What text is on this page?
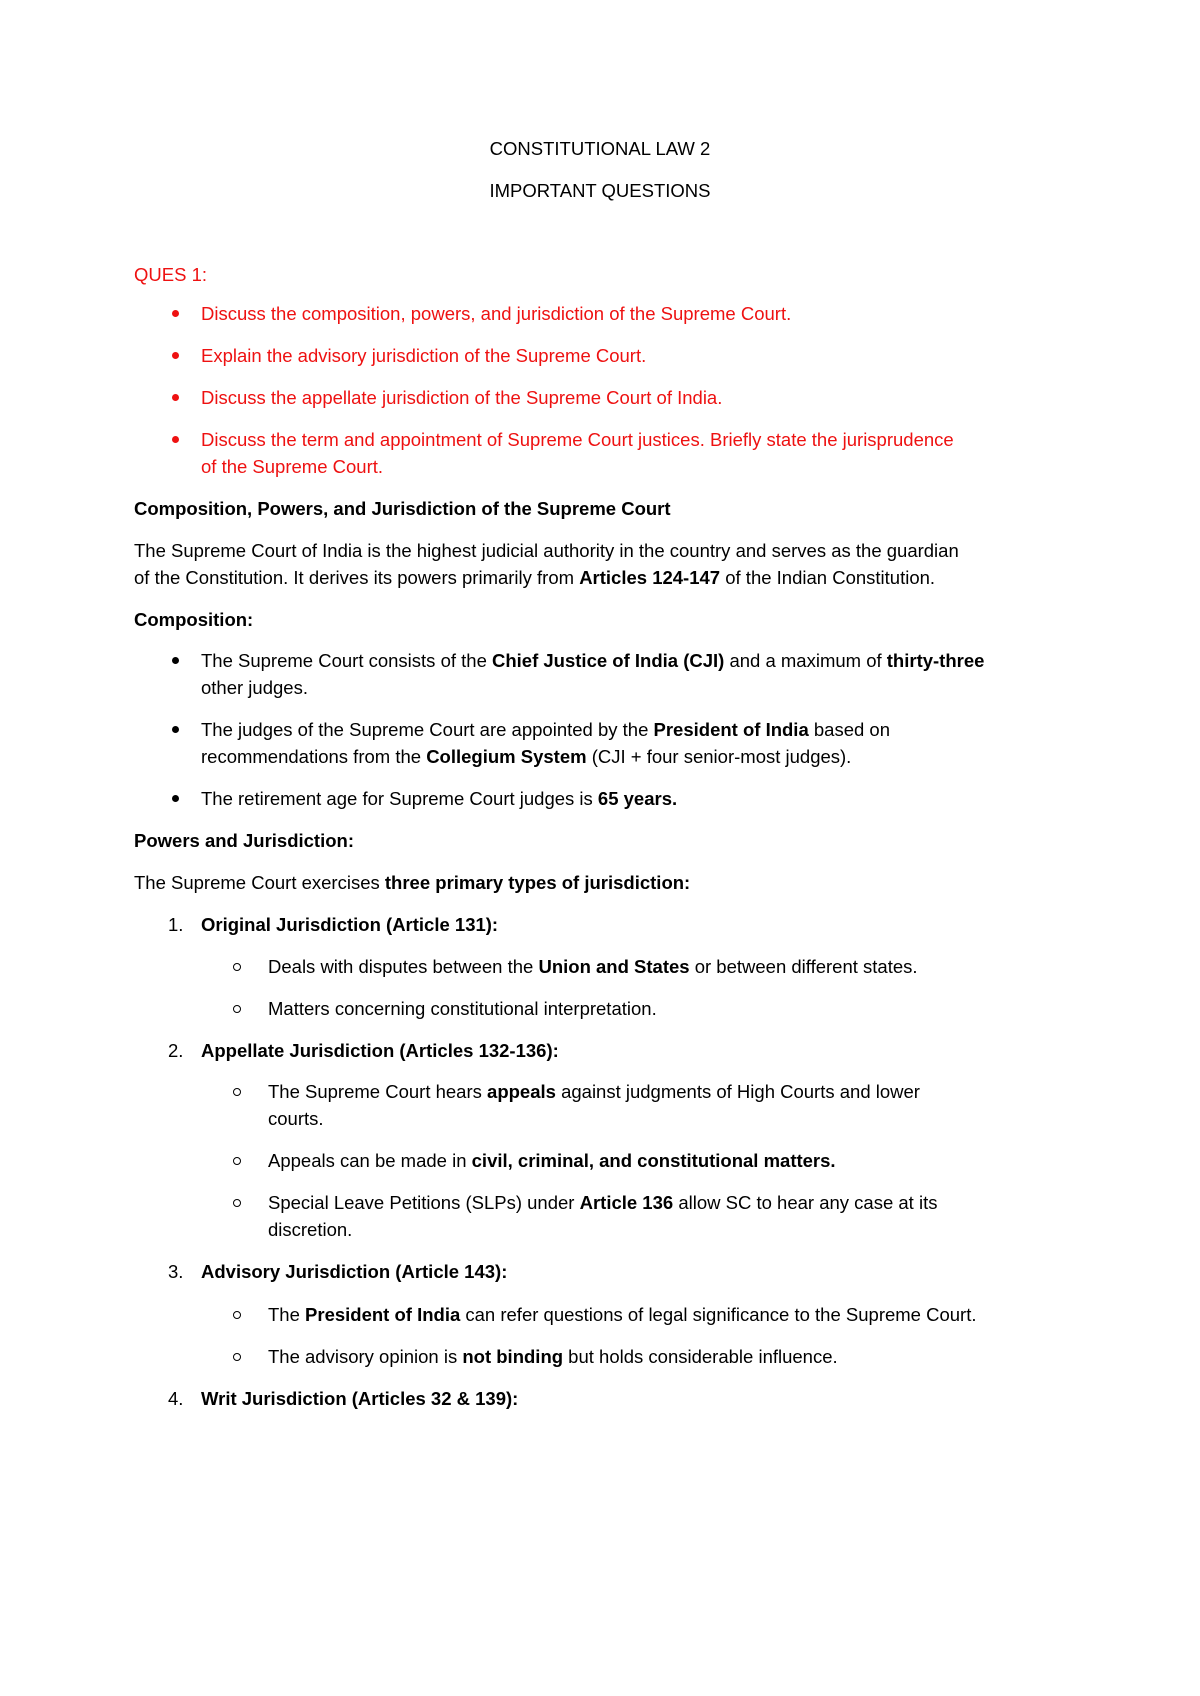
CONSTITUTIONAL LAW 2
IMPORTANT QUESTIONS
QUES 1:
Discuss the composition, powers, and jurisdiction of the Supreme Court.
Explain the advisory jurisdiction of the Supreme Court.
Discuss the appellate jurisdiction of the Supreme Court of India.
Discuss the term and appointment of Supreme Court justices. Briefly state the jurisprudence
of the Supreme Court.
Composition, Powers, and Jurisdiction of the Supreme Court
The Supreme Court of India is the highest judicial authority in the country and serves as the guardian
of the Constitution. It derives its powers primarily from Articles 124-147 of the Indian Constitution.
Composition:
The Supreme Court consists of the Chief Justice of India (CJI) and a maximum of thirty-three
other judges.
The judges of the Supreme Court are appointed by the President of India based on
recommendations from the Collegium System (CJI + four senior-most judges).
The retirement age for Supreme Court judges is 65 years.
Powers and Jurisdiction:
The Supreme Court exercises three primary types of jurisdiction:
1. Original Jurisdiction (Article 131):
Deals with disputes between the Union and States or between different states.
Matters concerning constitutional interpretation.
2. Appellate Jurisdiction (Articles 132-136):
The Supreme Court hears appeals against judgments of High Courts and lower
courts.
Appeals can be made in civil, criminal, and constitutional matters.
Special Leave Petitions (SLPs) under Article 136 allow SC to hear any case at its
discretion.
3. Advisory Jurisdiction (Article 143):
The President of India can refer questions of legal significance to the Supreme Court.
The advisory opinion is not binding but holds considerable influence.
4. Writ Jurisdiction (Articles 32 & 139):
